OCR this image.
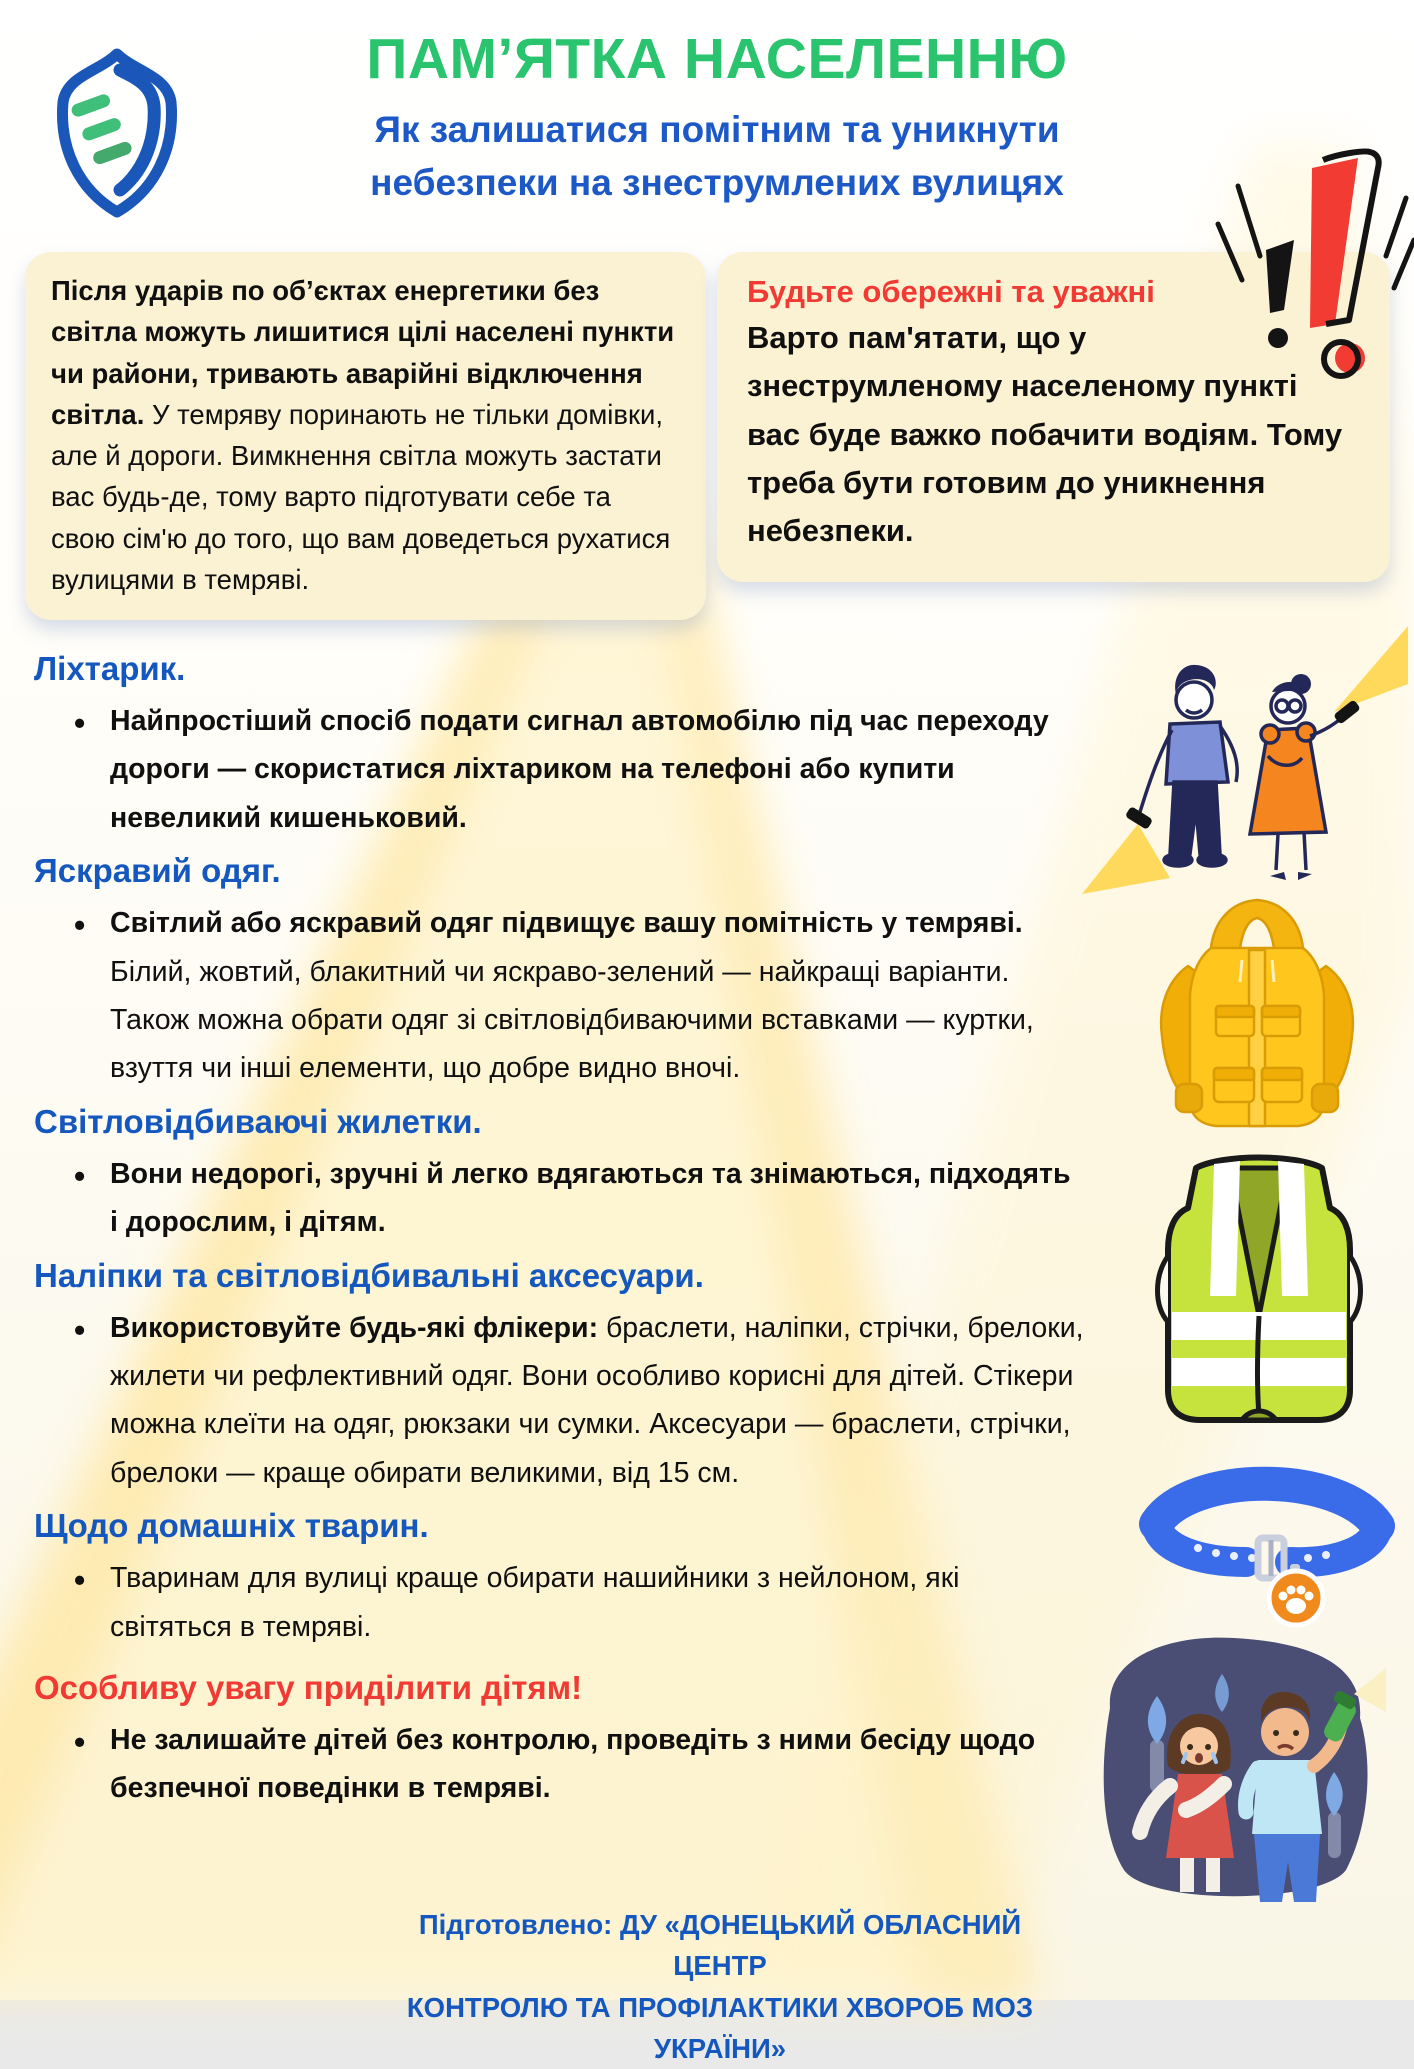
ПАМ’ЯТКА НАСЕЛЕННЮ
Як залишатися помітним та уникнути
небезпеки на знеструмлених вулицях
Після ударів по об’єктах енергетики без світла можуть лишитися цілі населені пункти чи райони, тривають аварійні відключення світла. У темряву поринають не тільки домівки, але й дороги. Вимкнення світла можуть застати вас будь-де, тому варто підготувати себе та свою сім'ю до того, що вам доведеться рухатися вулицями в темряві.
Будьте обережні та уважні
Варто пам'ятати, що у знеструмленому населеному пункті вас буде важко побачити водіям. Тому треба бути готовим до уникнення небезпеки.
Ліхтарик.
• Найпростіший спосіб подати сигнал автомобілю під час переходу дороги — скористатися ліхтариком на телефоні або купити невеликий кишеньковий.
Яскравий одяг.
• Світлий або яскравий одяг підвищує вашу помітність у темряві. Білий, жовтий, блакитний чи яскраво-зелений — найкращі варіанти. Також можна обрати одяг зі світловідбиваючими вставками — куртки, взуття чи інші елементи, що добре видно вночі.
Світловідбиваючі жилетки.
• Вони недорогі, зручні й легко вдягаються та знімаються, підходять і дорослим, і дітям.
Наліпки та світловідбивальні аксесуари.
• Використовуйте будь-які флікери: браслети, наліпки, стрічки, брелоки, жилети чи рефлективний одяг. Вони особливо корисні для дітей. Стікери можна клеїти на одяг, рюкзаки чи сумки. Аксесуари — браслети, стрічки, брелоки — краще обирати великими, від 15 см.
Щодо домашніх тварин.
• Тваринам для вулиці краще обирати нашийники з нейлоном, які світяться в темряві.
Особливу увагу приділити дітям!
• Не залишайте дітей без контролю, проведіть з ними бесіду щодо безпечної поведінки в темряві.
Підготовлено: ДУ «ДОНЕЦЬКИЙ ОБЛАСНИЙ ЦЕНТР
КОНТРОЛЮ ТА ПРОФІЛАКТИКИ ХВОРОБ МОЗ УКРАЇНИ»
